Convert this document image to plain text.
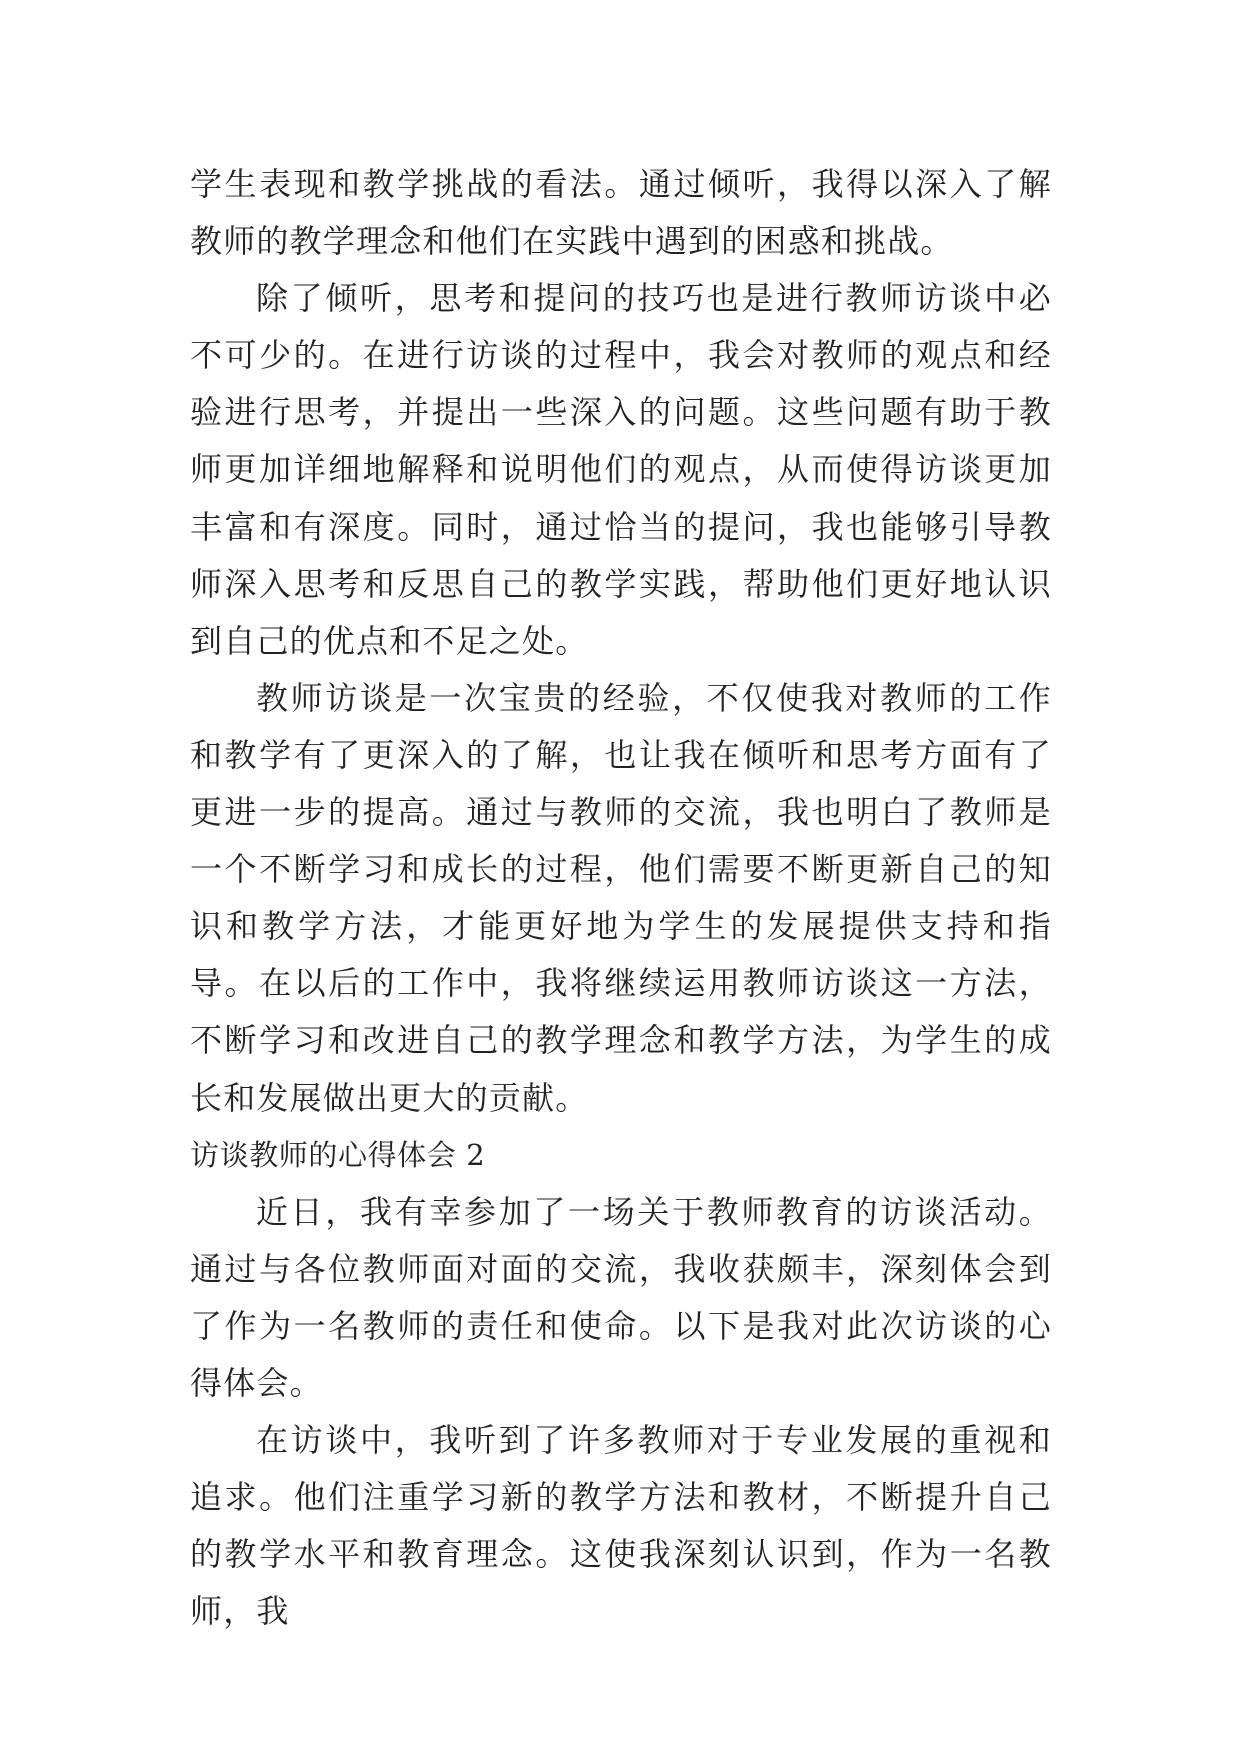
学生表现和教学挑战的看法。通过倾听，我得以深入了解教师的教学理念和他们在实践中遇到的困惑和挑战。

除了倾听，思考和提问的技巧也是进行教师访谈中必不可少的。在进行访谈的过程中，我会对教师的观点和经验进行思考，并提出一些深入的问题。这些问题有助于教师更加详细地解释和说明他们的观点，从而使得访谈更加丰富和有深度。同时，通过恰当的提问，我也能够引导教师深入思考和反思自己的教学实践，帮助他们更好地认识到自己的优点和不足之处。

教师访谈是一次宝贵的经验，不仅使我对教师的工作和教学有了更深入的了解，也让我在倾听和思考方面有了更进一步的提高。通过与教师的交流，我也明白了教师是一个不断学习和成长的过程，他们需要不断更新自己的知识和教学方法，才能更好地为学生的发展提供支持和指导。在以后的工作中，我将继续运用教师访谈这一方法，不断学习和改进自己的教学理念和教学方法，为学生的成长和发展做出更大的贡献。

访谈教师的心得体会 2

近日，我有幸参加了一场关于教师教育的访谈活动。通过与各位教师面对面的交流，我收获颇丰，深刻体会到了作为一名教师的责任和使命。以下是我对此次访谈的心得体会。

在访谈中，我听到了许多教师对于专业发展的重视和追求。他们注重学习新的教学方法和教材，不断提升自己的教学水平和教育理念。这使我深刻认识到，作为一名教师，我
